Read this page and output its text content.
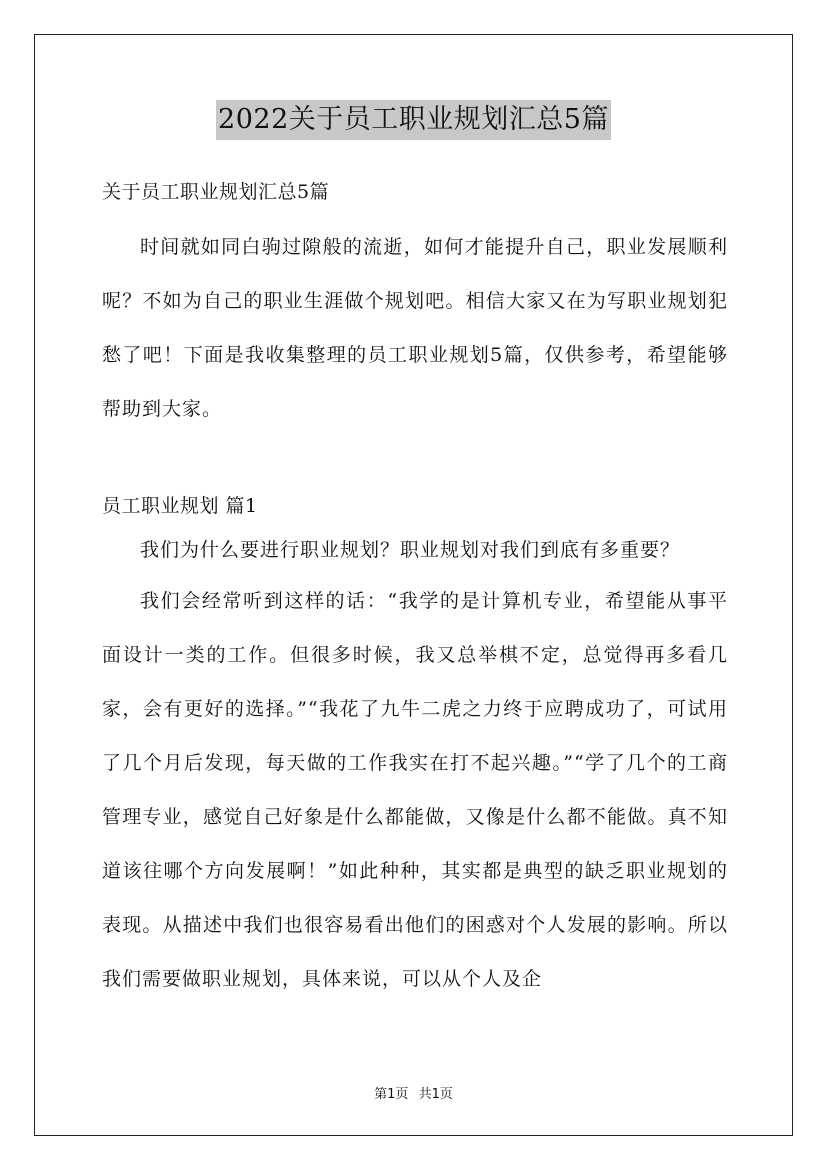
2022关于员工职业规划汇总5篇
关于员工职业规划汇总5篇

时间就如同白驹过隙般的流逝，如何才能提升自己，职业发展顺利呢？不如为自己的职业生涯做个规划吧。相信大家又在为写职业规划犯愁了吧！下面是我收集整理的员工职业规划5篇，仅供参考，希望能够帮助到大家。

员工职业规划 篇1

我们为什么要进行职业规划？职业规划对我们到底有多重要？

我们会经常听到这样的话：“我学的是计算机专业，希望能从事平面设计一类的工作。但很多时候，我又总举棋不定，总觉得再多看几家，会有更好的选择。”“我花了九牛二虎之力终于应聘成功了，可试用了几个月后发现，每天做的工作我实在打不起兴趣。”“学了几个的工商管理专业，感觉自己好象是什么都能做，又像是什么都不能做。真不知道该往哪个方向发展啊！”如此种种，其实都是典型的缺乏职业规划的表现。从描述中我们也很容易看出他们的困惑对个人发展的影响。所以我们需要做职业规划，具体来说，可以从个人及企

第1页 共1页
